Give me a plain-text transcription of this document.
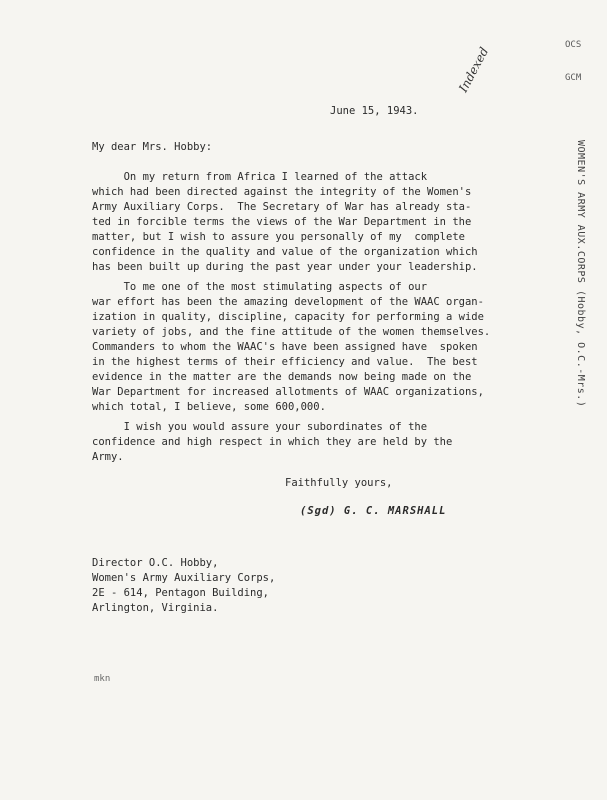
OCS

GCM

WOMEN'S ARMY AUX.CORPS (Hobby, O.C.-Mrs.)
Indexed
June 15, 1943.
My dear Mrs. Hobby:
On my return from Africa I learned of the attack
which had been directed against the integrity of the Women's
Army Auxiliary Corps.  The Secretary of War has already sta-
ted in forcible terms the views of the War Department in the
matter, but I wish to assure you personally of my  complete
confidence in the quality and value of the organization which
has been built up during the past year under your leadership.
To me one of the most stimulating aspects of our
war effort has been the amazing development of the WAAC organ-
ization in quality, discipline, capacity for performing a wide
variety of jobs, and the fine attitude of the women themselves.
Commanders to whom the WAAC's have been assigned have  spoken
in the highest terms of their efficiency and value.  The best
evidence in the matter are the demands now being made on the
War Department for increased allotments of WAAC organizations,
which total, I believe, some 600,000.
I wish you would assure your subordinates of the
confidence and high respect in which they are held by the
Army.
Faithfully yours,
(Sgd) G. C. MARSHALL
Director O.C. Hobby,
Women's Army Auxiliary Corps,
2E - 614, Pentagon Building,
Arlington, Virginia.
mkn
